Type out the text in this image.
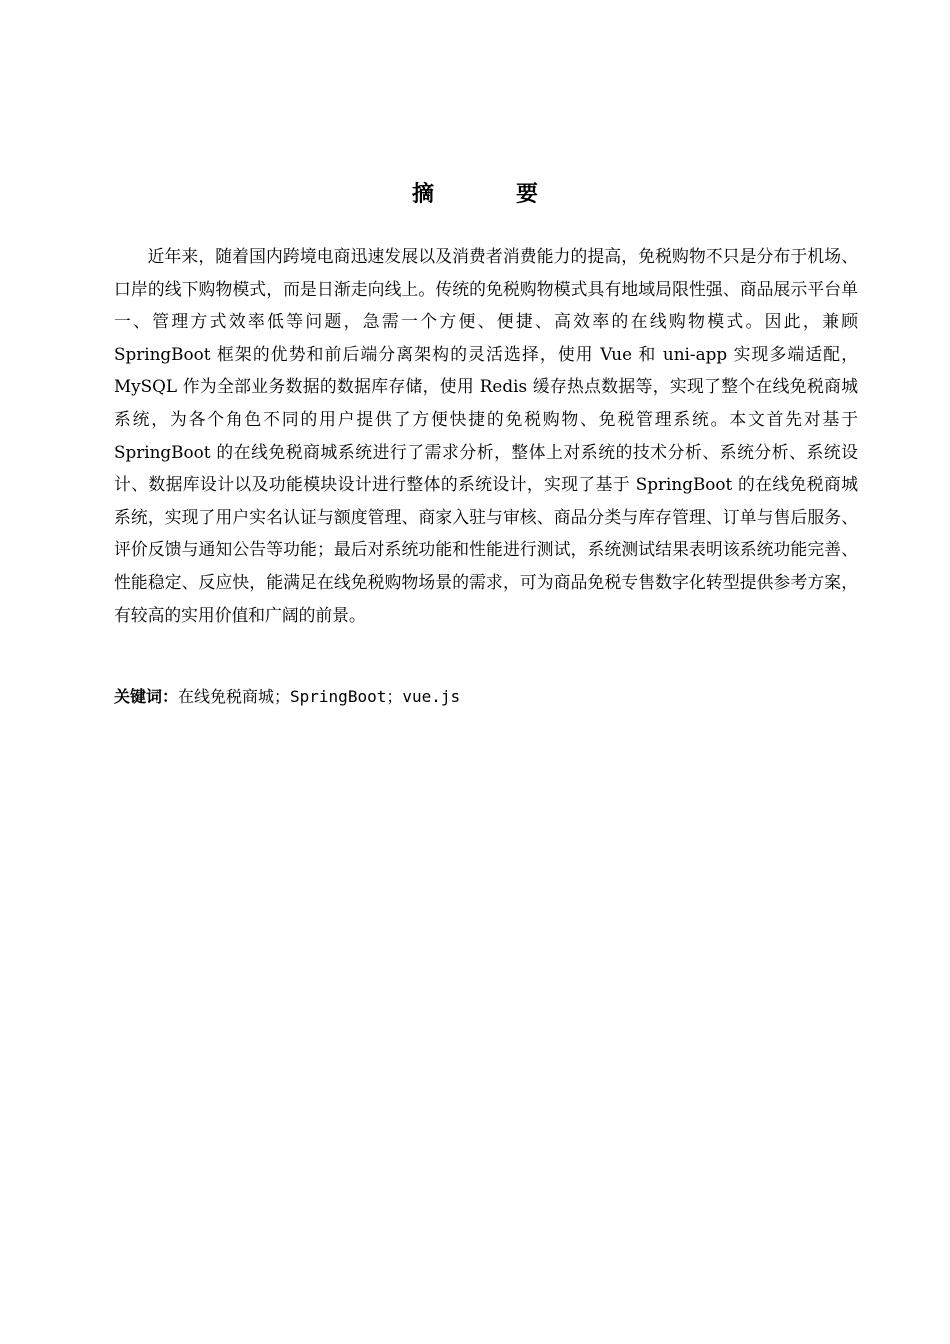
摘　要

近年来，随着国内跨境电商迅速发展以及消费者消费能力的提高，免税购物不只是分布于机场、口岸的线下购物模式，而是日渐走向线上。传统的免税购物模式具有地域局限性强、商品展示平台单一、管理方式效率低等问题，急需一个方便、便捷、高效率的在线购物模式。因此，兼顾 SpringBoot 框架的优势和前后端分离架构的灵活选择，使用 Vue 和 uni-app 实现多端适配，MySQL 作为全部业务数据的数据库存储，使用 Redis 缓存热点数据等，实现了整个在线免税商城系统，为各个角色不同的用户提供了方便快捷的免税购物、免税管理系统。本文首先对基于 SpringBoot 的在线免税商城系统进行了需求分析，整体上对系统的技术分析、系统分析、系统设计、数据库设计以及功能模块设计进行整体的系统设计，实现了基于 SpringBoot 的在线免税商城系统，实现了用户实名认证与额度管理、商家入驻与审核、商品分类与库存管理、订单与售后服务、评价反馈与通知公告等功能；最后对系统功能和性能进行测试，系统测试结果表明该系统功能完善、性能稳定、反应快，能满足在线免税购物场景的需求，可为商品免税专售数字化转型提供参考方案，有较高的实用价值和广阔的前景。

关键词：在线免税商城；SpringBoot；vue.js
